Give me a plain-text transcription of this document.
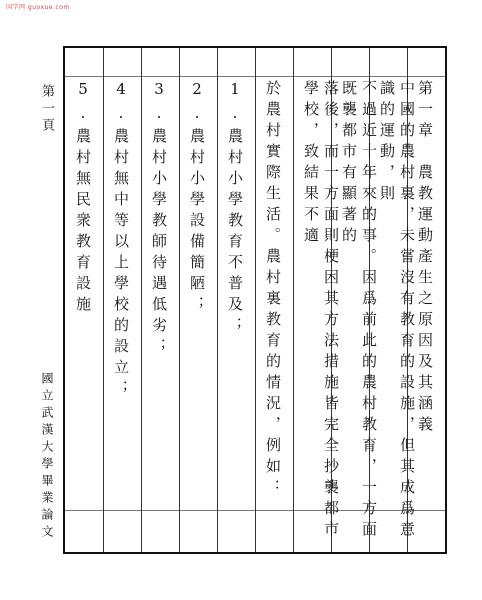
国学网 guoxue.com
第一頁
國立武漢大學畢業論文
第一章　農教運動產生之原因及其涵義
中國的農村裏，未嘗沒有教育的設施，但其成爲意識的運動，則
不過近十年來的事。因爲前此的農村教育，一方面既襲都市有顯著的
落後，而一方面則梗困其方法措施皆完全抄襲都市學校，致結果不適
於農村實際生活。農村裏教育的情況，例如：
1.農村小學教育不普及；
2.農村小學設備簡陋；
3.農村小學教師待遇低劣；
4.農村無中等以上學校的設立；
5.農村無民衆教育設施
